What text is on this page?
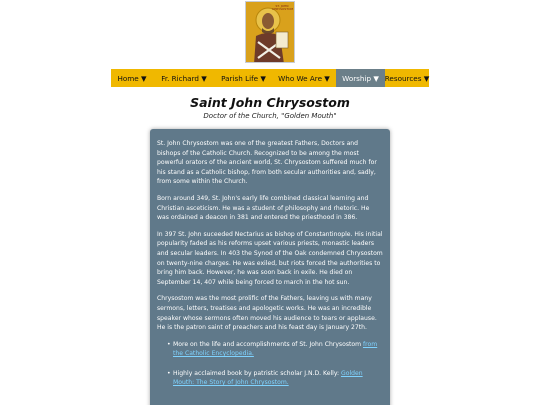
ST. JOHN CHRYSOSTOM
Home ▼	Fr. Richard ▼	Parish Life ▼	Who We Are ▼	Worship ▼ Resources ▼
Saint John Chrysostom
Doctor of the Church, "Golden Mouth"

St. John Chrysostom was one of the greatest Fathers, Doctors and bishops of the Catholic Church. Recognized to be among the most powerful orators of the ancient world, St. Chrysostom suffered much for his stand as a Catholic bishop, from both secular authorities and, sadly, from some within the Church.

Born around 349, St. John's early life combined classical learning and Christian asceticism. He was a student of philosophy and rhetoric. He was ordained a deacon in 381 and entered the priesthood in 386.

In 397 St. John suceeded Nectarius as bishop of Constantinople. His initial popularity faded as his reforms upset various priests, monastic leaders and secular leaders. In 403 the Synod of the Oak condemned Chrysostom on twenty-nine charges. He was exiled, but riots forced the authorities to bring him back. However, he was soon back in exile. He died on September 14, 407 while being forced to march in the hot sun.

Chrysostom was the most prolific of the Fathers, leaving us with many sermons, letters, treatises and apologetic works. He was an incredible speaker whose sermons often moved his audience to tears or applause. He is the patron saint of preachers and his feast day is January 27th.

• More on the life and accomplishments of St. John Chrysostom from the Catholic Encyclopedia.
• Highly acclaimed book by patristic scholar J.N.D. Kelly: Golden Mouth: The Story of John Chrysostom.
